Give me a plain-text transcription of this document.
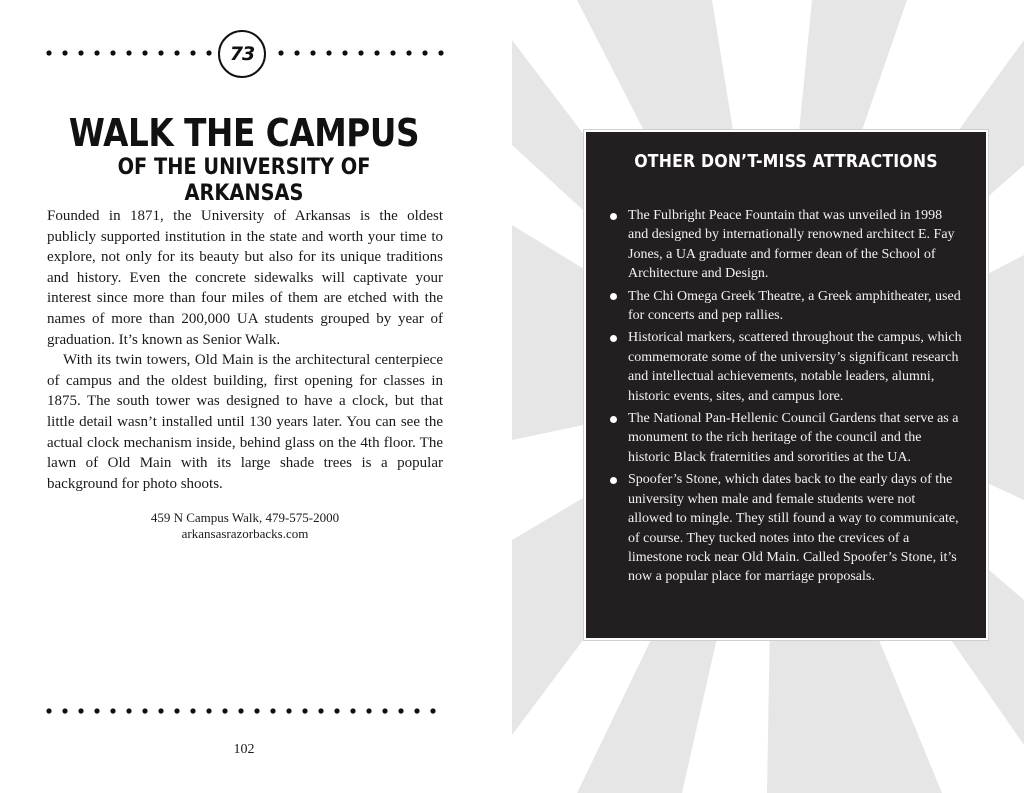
73
WALK THE CAMPUS
OF THE UNIVERSITY OF ARKANSAS

Founded in 1871, the University of Arkansas is the oldest publicly supported institution in the state and worth your time to explore, not only for its beauty but also for its unique traditions and history. Even the concrete sidewalks will captivate your interest since more than four miles of them are etched with the names of more than 200,000 UA students grouped by year of graduation. It’s known as Senior Walk.

With its twin towers, Old Main is the architectural centerpiece of campus and the oldest building, first opening for classes in 1875. The south tower was designed to have a clock, but that little detail wasn’t installed until 130 years later. You can see the actual clock mechanism inside, behind glass on the 4th floor. The lawn of Old Main with its large shade trees is a popular background for photo shoots.

459 N Campus Walk, 479-575-2000
arkansasrazorbacks.com
102
OTHER DON’T-MISS ATTRACTIONS
The Fulbright Peace Fountain that was unveiled in 1998 and designed by internationally renowned architect E. Fay Jones, a UA graduate and former dean of the School of Architecture and Design.
The Chi Omega Greek Theatre, a Greek amphitheater, used for concerts and pep rallies.
Historical markers, scattered throughout the campus, which commemorate some of the university’s significant research and intellectual achievements, notable leaders, alumni, historic events, sites, and campus lore.
The National Pan-Hellenic Council Gardens that serve as a monument to the rich heritage of the council and the historic Black fraternities and sororities at the UA.
Spoofer’s Stone, which dates back to the early days of the university when male and female students were not allowed to mingle. They still found a way to communicate, of course. They tucked notes into the crevices of a limestone rock near Old Main. Called Spoofer’s Stone, it’s now a popular place for marriage proposals.
